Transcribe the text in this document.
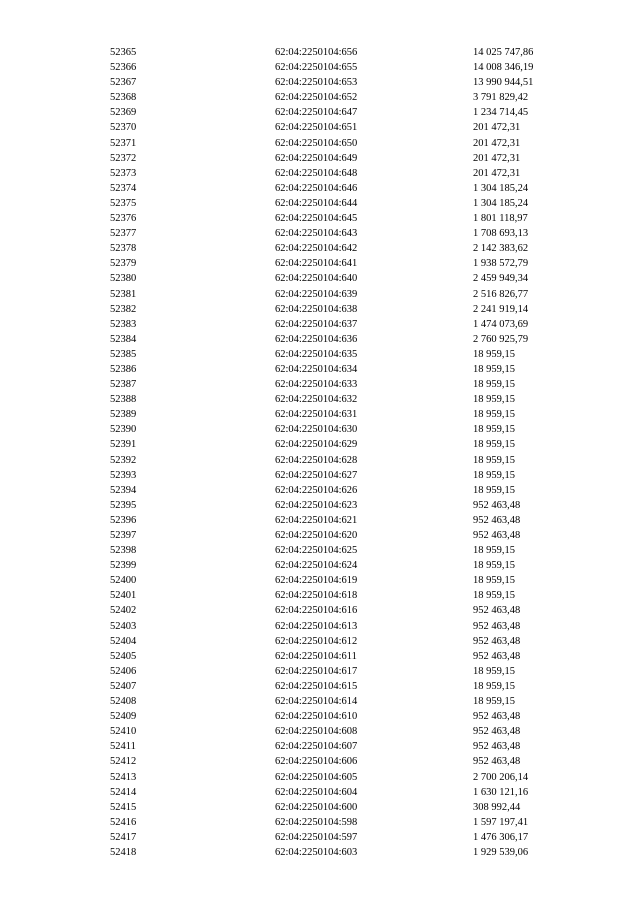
52365	62:04:2250104:656	14 025 747,86
52366	62:04:2250104:655	14 008 346,19
52367	62:04:2250104:653	13 990 944,51
52368	62:04:2250104:652	3 791 829,42
52369	62:04:2250104:647	1 234 714,45
52370	62:04:2250104:651	201 472,31
52371	62:04:2250104:650	201 472,31
52372	62:04:2250104:649	201 472,31
52373	62:04:2250104:648	201 472,31
52374	62:04:2250104:646	1 304 185,24
52375	62:04:2250104:644	1 304 185,24
52376	62:04:2250104:645	1 801 118,97
52377	62:04:2250104:643	1 708 693,13
52378	62:04:2250104:642	2 142 383,62
52379	62:04:2250104:641	1 938 572,79
52380	62:04:2250104:640	2 459 949,34
52381	62:04:2250104:639	2 516 826,77
52382	62:04:2250104:638	2 241 919,14
52383	62:04:2250104:637	1 474 073,69
52384	62:04:2250104:636	2 760 925,79
52385	62:04:2250104:635	18 959,15
52386	62:04:2250104:634	18 959,15
52387	62:04:2250104:633	18 959,15
52388	62:04:2250104:632	18 959,15
52389	62:04:2250104:631	18 959,15
52390	62:04:2250104:630	18 959,15
52391	62:04:2250104:629	18 959,15
52392	62:04:2250104:628	18 959,15
52393	62:04:2250104:627	18 959,15
52394	62:04:2250104:626	18 959,15
52395	62:04:2250104:623	952 463,48
52396	62:04:2250104:621	952 463,48
52397	62:04:2250104:620	952 463,48
52398	62:04:2250104:625	18 959,15
52399	62:04:2250104:624	18 959,15
52400	62:04:2250104:619	18 959,15
52401	62:04:2250104:618	18 959,15
52402	62:04:2250104:616	952 463,48
52403	62:04:2250104:613	952 463,48
52404	62:04:2250104:612	952 463,48
52405	62:04:2250104:611	952 463,48
52406	62:04:2250104:617	18 959,15
52407	62:04:2250104:615	18 959,15
52408	62:04:2250104:614	18 959,15
52409	62:04:2250104:610	952 463,48
52410	62:04:2250104:608	952 463,48
52411	62:04:2250104:607	952 463,48
52412	62:04:2250104:606	952 463,48
52413	62:04:2250104:605	2 700 206,14
52414	62:04:2250104:604	1 630 121,16
52415	62:04:2250104:600	308 992,44
52416	62:04:2250104:598	1 597 197,41
52417	62:04:2250104:597	1 476 306,17
52418	62:04:2250104:603	1 929 539,06
